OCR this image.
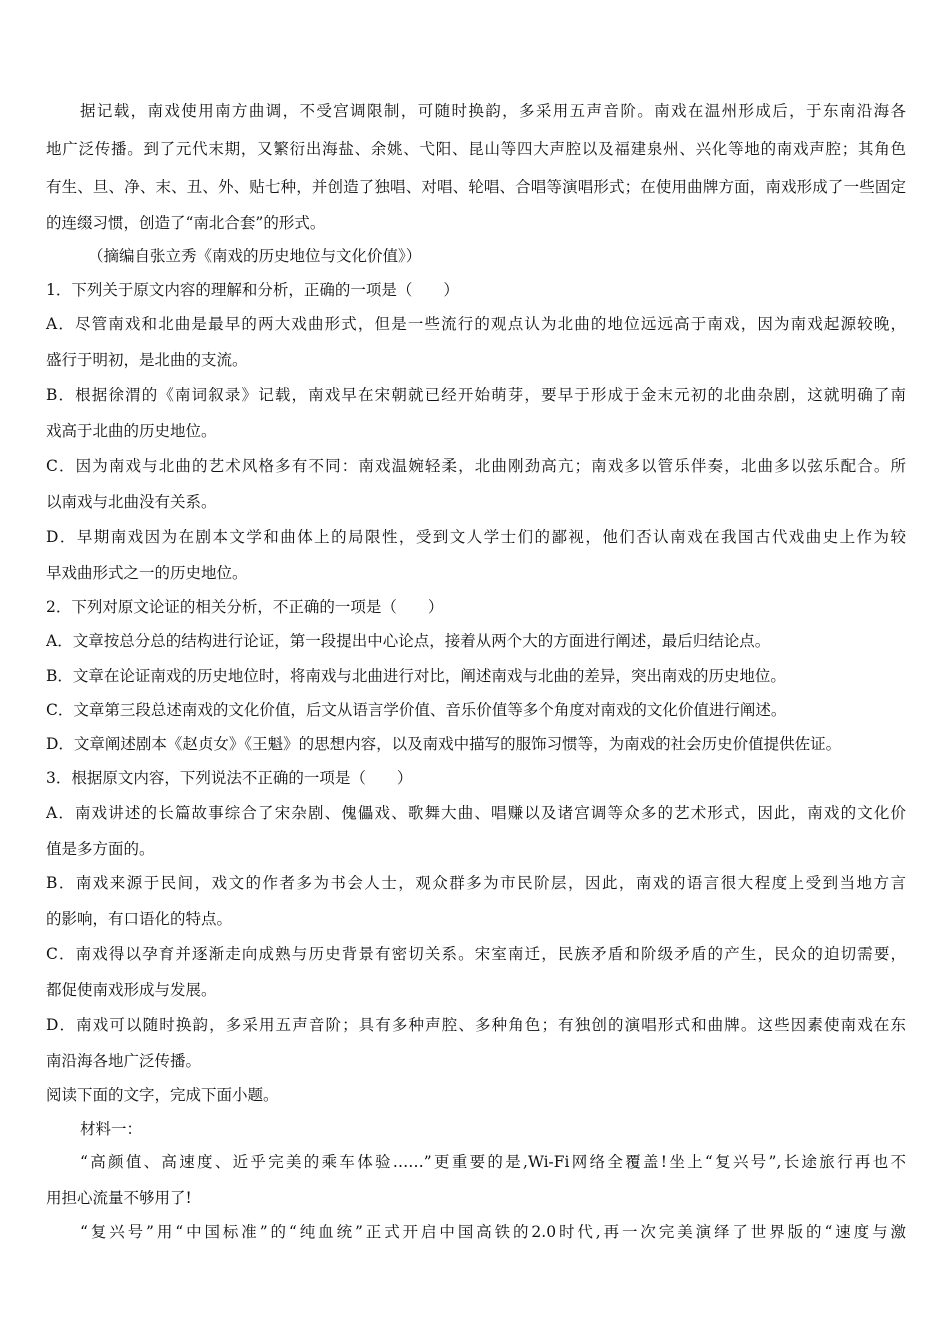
据记载，南戏使用南方曲调，不受宫调限制，可随时换韵，多采用五声音阶。南戏在温州形成后，于东南沿海各
地广泛传播。到了元代末期，又繁衍出海盐、余姚、弋阳、昆山等四大声腔以及福建泉州、兴化等地的南戏声腔；其角色
有生、旦、净、末、丑、外、贴七种，并创造了独唱、对唱、轮唱、合唱等演唱形式；在使用曲牌方面，南戏形成了一些固定
的连缀习惯，创造了“南北合套”的形式。
（摘编自张立秀《南戏的历史地位与文化价值》）
1．下列关于原文内容的理解和分析，正确的一项是（　　）
A．尽管南戏和北曲是最早的两大戏曲形式，但是一些流行的观点认为北曲的地位远远高于南戏，因为南戏起源较晚，
盛行于明初，是北曲的支流。
B．根据徐渭的《南词叙录》记载，南戏早在宋朝就已经开始萌芽，要早于形成于金末元初的北曲杂剧，这就明确了南
戏高于北曲的历史地位。
C．因为南戏与北曲的艺术风格多有不同：南戏温婉轻柔，北曲刚劲高亢；南戏多以管乐伴奏，北曲多以弦乐配合。所
以南戏与北曲没有关系。
D．早期南戏因为在剧本文学和曲体上的局限性，受到文人学士们的鄙视，他们否认南戏在我国古代戏曲史上作为较
早戏曲形式之一的历史地位。
2．下列对原文论证的相关分析，不正确的一项是（　　）
A．文章按总分总的结构进行论证，第一段提出中心论点，接着从两个大的方面进行阐述，最后归结论点。
B．文章在论证南戏的历史地位时，将南戏与北曲进行对比，阐述南戏与北曲的差异，突出南戏的历史地位。
C．文章第三段总述南戏的文化价值，后文从语言学价值、音乐价值等多个角度对南戏的文化价值进行阐述。
D．文章阐述剧本《赵贞女》《王魁》的思想内容，以及南戏中描写的服饰习惯等，为南戏的社会历史价值提供佐证。
3．根据原文内容，下列说法不正确的一项是（　　）
A．南戏讲述的长篇故事综合了宋杂剧、傀儡戏、歌舞大曲、唱赚以及诸宫调等众多的艺术形式，因此，南戏的文化价
值是多方面的。
B．南戏来源于民间，戏文的作者多为书会人士，观众群多为市民阶层，因此，南戏的语言很大程度上受到当地方言
的影响，有口语化的特点。
C．南戏得以孕育并逐渐走向成熟与历史背景有密切关系。宋室南迁，民族矛盾和阶级矛盾的产生，民众的迫切需要，
都促使南戏形成与发展。
D．南戏可以随时换韵，多采用五声音阶；具有多种声腔、多种角色；有独创的演唱形式和曲牌。这些因素使南戏在东
南沿海各地广泛传播。
阅读下面的文字，完成下面小题。
材料一：
“高颜值、高速度、近乎完美的乘车体验……”更重要的是,Wi-Fi网络全覆盖!坐上“复兴号”,长途旅行再也不
用担心流量不够用了!
“复兴号”用“中国标准”的“纯血统”正式开启中国高铁的2.0时代,再一次完美演绎了世界版的“速度与激
